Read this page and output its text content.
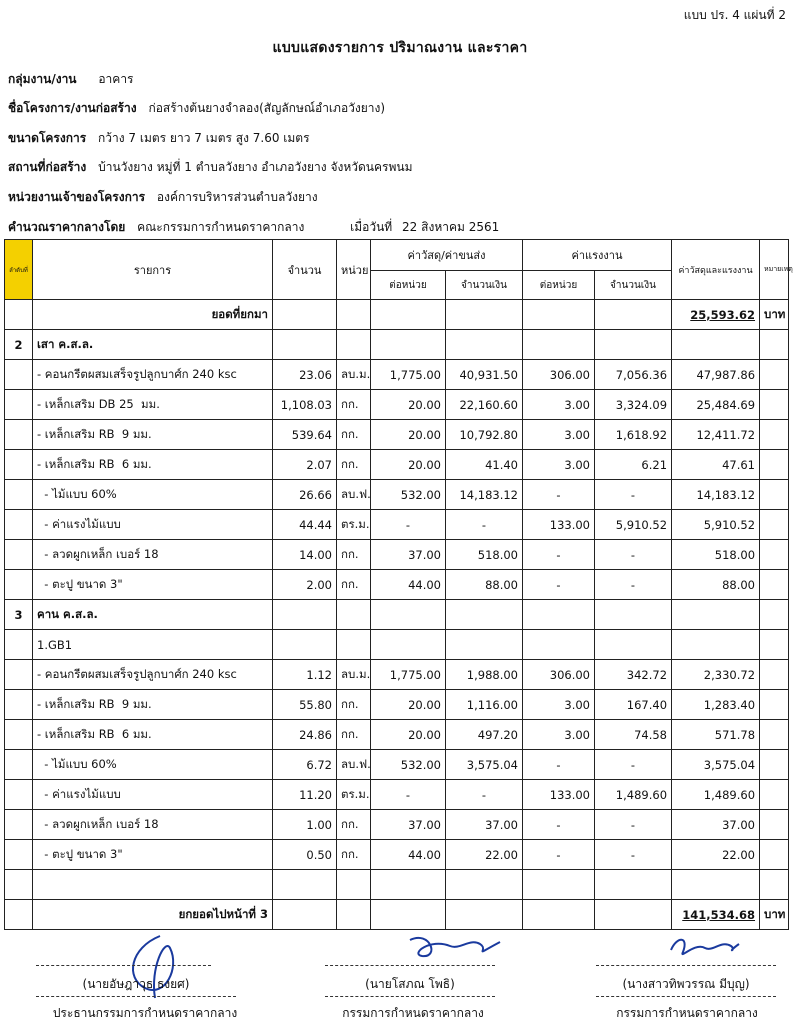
แบบ ปร. 4 แผ่นที่ 2
แบบแสดงรายการ ปริมาณงาน และราคา
กลุ่มงาน/งาน อาคาร
ชื่อโครงการ/งานก่อสร้าง ก่อสร้างต้นยางจำลอง(สัญลักษณ์อำเภอวังยาง)
ขนาดโครงการ กว้าง 7 เมตร ยาว 7 เมตร สูง 7.60 เมตร
สถานที่ก่อสร้าง บ้านวังยาง หมู่ที่ 1 ตำบลวังยาง อำเภอวังยาง จังหวัดนครพนม
หน่วยงานเจ้าของโครงการ องค์การบริหารส่วนตำบลวังยาง
คำนวณราคากลางโดย คณะกรรมการกำหนดราคากลาง	เมื่อวันที่ 22 สิงหาคม 2561
ลำดับที่	รายการ	จำนวน	หน่วย	ค่าวัสดุ/ค่าขนส่ง		ค่าแรงงาน		ค่าวัสดุและแรงงาน	หมายเหตุ
				ต่อหน่วย	จำนวนเงิน	ต่อหน่วย	จำนวนเงิน		
	ยอดที่ยกมา							25,593.62	บาท
2	เสา ค.ส.ล.								
	- คอนกรีตผสมเสร็จรูปลูกบาศ์ก 240 ksc	23.06	ลบ.ม.	1,775.00	40,931.50	306.00	7,056.36	47,987.86	
	- เหล็กเสริม DB 25  มม.	1,108.03	กก.	20.00	22,160.60	3.00	3,324.09	25,484.69	
	- เหล็กเสริม RB  9 มม.	539.64	กก.	20.00	10,792.80	3.00	1,618.92	12,411.72	
	- เหล็กเสริม RB  6 มม.	2.07	กก.	20.00	41.40	3.00	6.21	47.61	
	- ไม้แบบ 60%	26.66	ลบ.ฟ.	532.00	14,183.12	-	-	14,183.12	
	- ค่าแรงไม้แบบ	44.44	ตร.ม.	-	-	133.00	5,910.52	5,910.52	
	- ลวดผูกเหล็ก เบอร์ 18	14.00	กก.	37.00	518.00	-	-	518.00	
	- ตะปู ขนาด 3"	2.00	กก.	44.00	88.00	-	-	88.00	
3	คาน ค.ส.ล.								
	1.GB1								
	- คอนกรีตผสมเสร็จรูปลูกบาศ์ก 240 ksc	1.12	ลบ.ม.	1,775.00	1,988.00	306.00	342.72	2,330.72	
	- เหล็กเสริม RB  9 มม.	55.80	กก.	20.00	1,116.00	3.00	167.40	1,283.40	
	- เหล็กเสริม RB  6 มม.	24.86	กก.	20.00	497.20	3.00	74.58	571.78	
	- ไม้แบบ 60%	6.72	ลบ.ฟ.	532.00	3,575.04	-	-	3,575.04	
	- ค่าแรงไม้แบบ	11.20	ตร.ม.	-	-	133.00	1,489.60	1,489.60	
	- ลวดผูกเหล็ก เบอร์ 18	1.00	กก.	37.00	37.00	-	-	37.00	
	- ตะปู ขนาด 3"	0.50	กก.	44.00	22.00	-	-	22.00	

	ยกยอดไปหน้าที่ 3							141,534.68	บาท
(นายอัษฎาวุธ ธงยศ)	(นายโสภณ โพธิ)	(นางสาวทิพวรรณ มีบุญ)
ประธานกรรมการกำหนดราคากลาง	กรรมการกำหนดราคากลาง	กรรมการกำหนดราคากลาง
